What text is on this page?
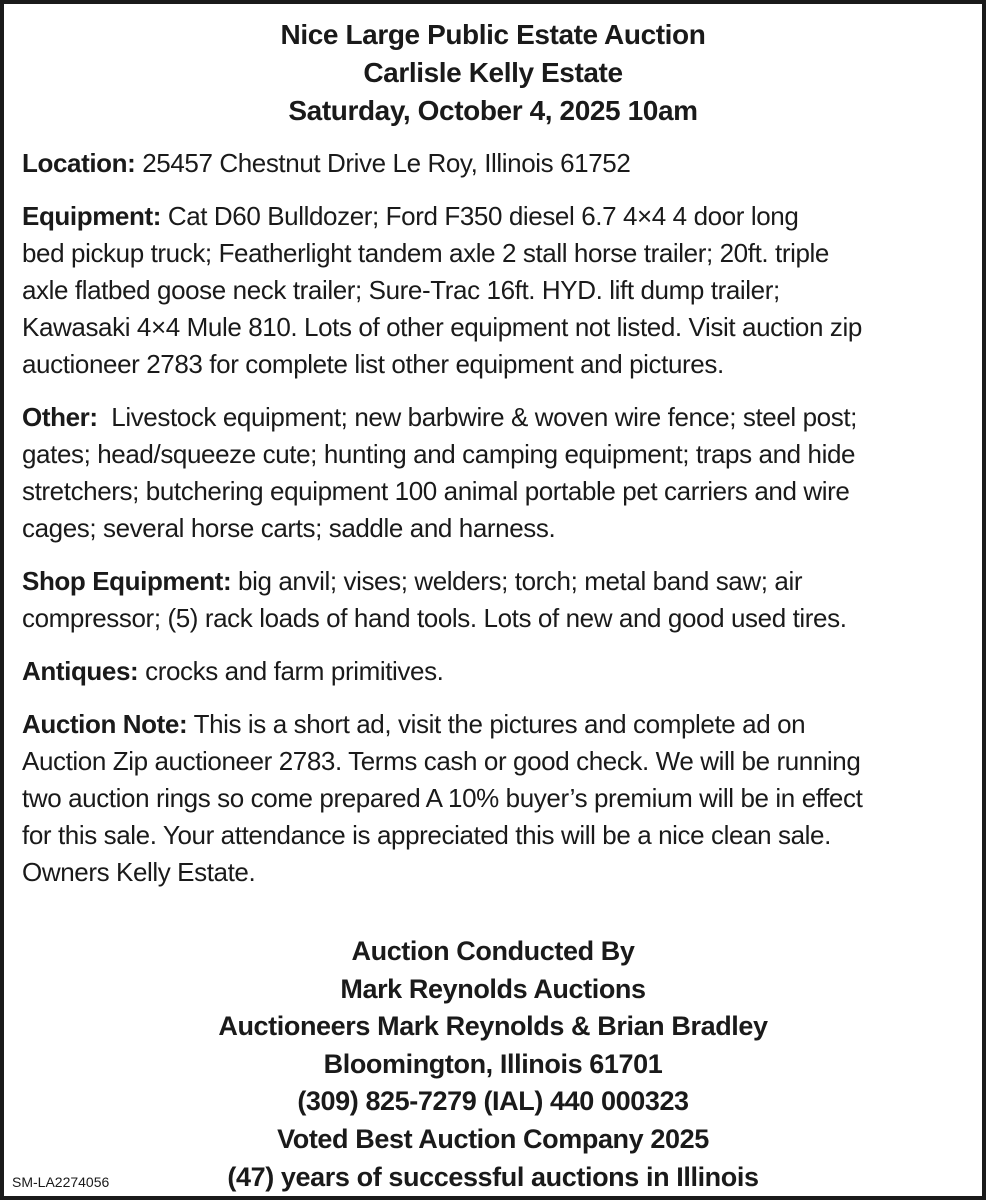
Nice Large Public Estate Auction
Carlisle Kelly Estate
Saturday, October 4, 2025 10am
Location: 25457 Chestnut Drive Le Roy, Illinois 61752
Equipment: Cat D60 Bulldozer; Ford F350 diesel 6.7 4×4 4 door long
bed pickup truck; Featherlight tandem axle 2 stall horse trailer; 20ft. triple
axle flatbed goose neck trailer; Sure-Trac 16ft. HYD. lift dump trailer;
Kawasaki 4×4 Mule 810. Lots of other equipment not listed. Visit auction zip
auctioneer 2783 for complete list other equipment and pictures.
Other:  Livestock equipment; new barbwire & woven wire fence; steel post;
gates; head/squeeze cute; hunting and camping equipment; traps and hide
stretchers; butchering equipment 100 animal portable pet carriers and wire
cages; several horse carts; saddle and harness.
Shop Equipment: big anvil; vises; welders; torch; metal band saw; air
compressor; (5) rack loads of hand tools. Lots of new and good used tires.
Antiques: crocks and farm primitives.
Auction Note: This is a short ad, visit the pictures and complete ad on
Auction Zip auctioneer 2783. Terms cash or good check. We will be running
two auction rings so come prepared A 10% buyer’s premium will be in effect
for this sale. Your attendance is appreciated this will be a nice clean sale.
Owners Kelly Estate.
Auction Conducted By
Mark Reynolds Auctions
Auctioneers Mark Reynolds & Brian Bradley
Bloomington, Illinois 61701
(309) 825-7279 (IAL) 440 000323
Voted Best Auction Company 2025
(47) years of successful auctions in Illinois
SM-LA2274056
